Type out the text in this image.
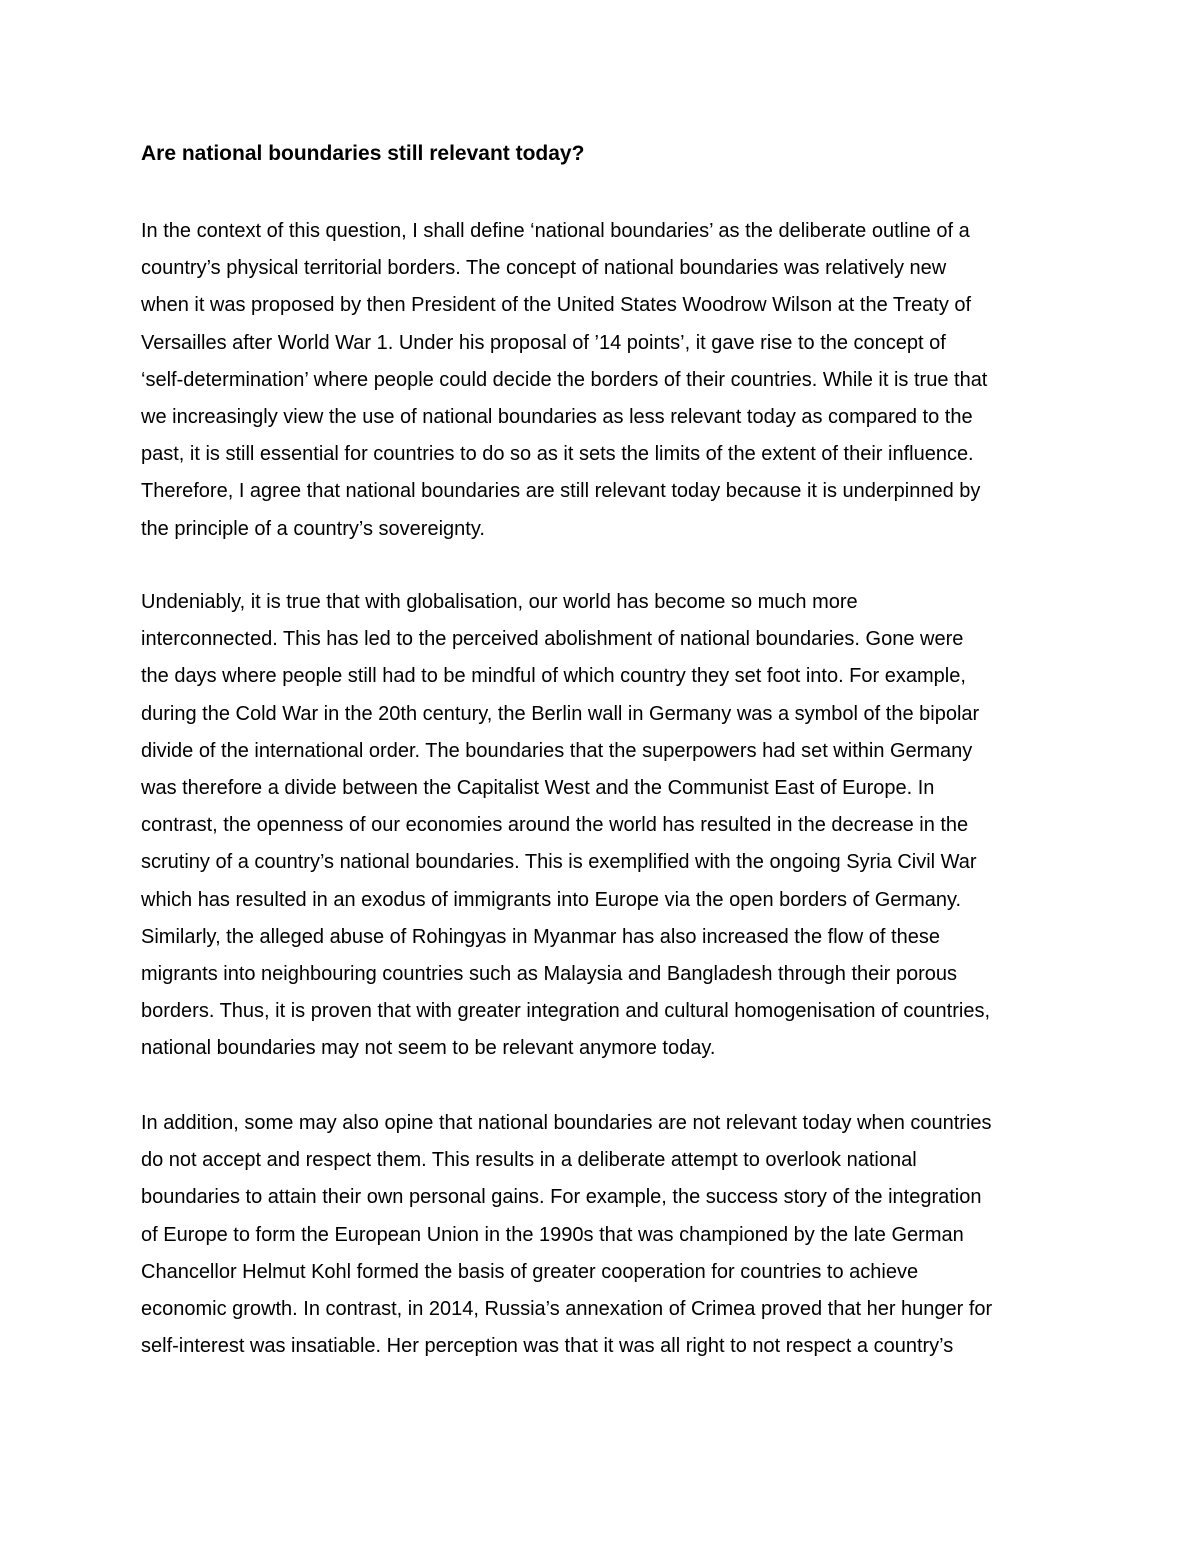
Are national boundaries still relevant today?
In the context of this question, I shall define ‘national boundaries’ as the deliberate outline of a
country’s physical territorial borders. The concept of national boundaries was relatively new
when it was proposed by then President of the United States Woodrow Wilson at the Treaty of
Versailles after World War 1. Under his proposal of ’14 points’, it gave rise to the concept of
‘self-determination’ where people could decide the borders of their countries. While it is true that
we increasingly view the use of national boundaries as less relevant today as compared to the
past, it is still essential for countries to do so as it sets the limits of the extent of their influence.
Therefore, I agree that national boundaries are still relevant today because it is underpinned by
the principle of a country’s sovereignty.
Undeniably, it is true that with globalisation, our world has become so much more
interconnected. This has led to the perceived abolishment of national boundaries. Gone were
the days where people still had to be mindful of which country they set foot into. For example,
during the Cold War in the 20th century, the Berlin wall in Germany was a symbol of the bipolar
divide of the international order. The boundaries that the superpowers had set within Germany
was therefore a divide between the Capitalist West and the Communist East of Europe. In
contrast, the openness of our economies around the world has resulted in the decrease in the
scrutiny of a country’s national boundaries. This is exemplified with the ongoing Syria Civil War
which has resulted in an exodus of immigrants into Europe via the open borders of Germany.
Similarly, the alleged abuse of Rohingyas in Myanmar has also increased the flow of these
migrants into neighbouring countries such as Malaysia and Bangladesh through their porous
borders. Thus, it is proven that with greater integration and cultural homogenisation of countries,
national boundaries may not seem to be relevant anymore today.
In addition, some may also opine that national boundaries are not relevant today when countries
do not accept and respect them. This results in a deliberate attempt to overlook national
boundaries to attain their own personal gains. For example, the success story of the integration
of Europe to form the European Union in the 1990s that was championed by the late German
Chancellor Helmut Kohl formed the basis of greater cooperation for countries to achieve
economic growth. In contrast, in 2014, Russia’s annexation of Crimea proved that her hunger for
self-interest was insatiable. Her perception was that it was all right to not respect a country’s
